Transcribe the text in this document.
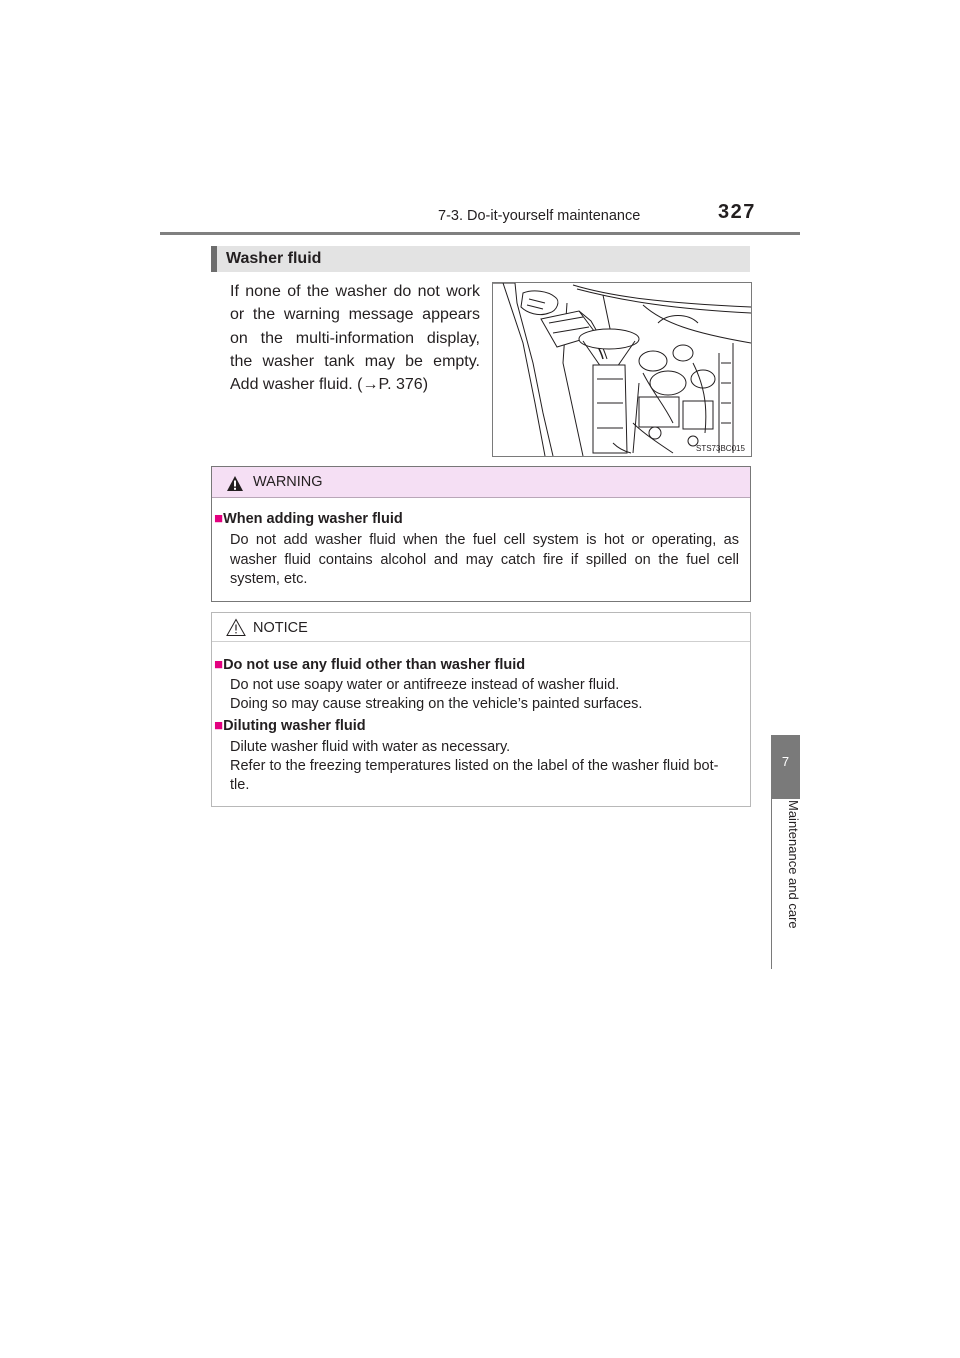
7-3. Do-it-yourself maintenance	327
7
Maintenance and care
Washer fluid
If none of the washer do not work or the warning message appears on the multi-information display, the washer tank may be empty. Add washer fluid. (→P. 376)
STS73BC015
WARNING
■When adding washer fluid
Do not add washer fluid when the fuel cell system is hot or operating, as washer fluid contains alcohol and may catch fire if spilled on the fuel cell system, etc.
NOTICE
■Do not use any fluid other than washer fluid
Do not use soapy water or antifreeze instead of washer fluid.
Doing so may cause streaking on the vehicle’s painted surfaces.
■Diluting washer fluid
Dilute washer fluid with water as necessary.
Refer to the freezing temperatures listed on the label of the washer fluid bot-
tle.
